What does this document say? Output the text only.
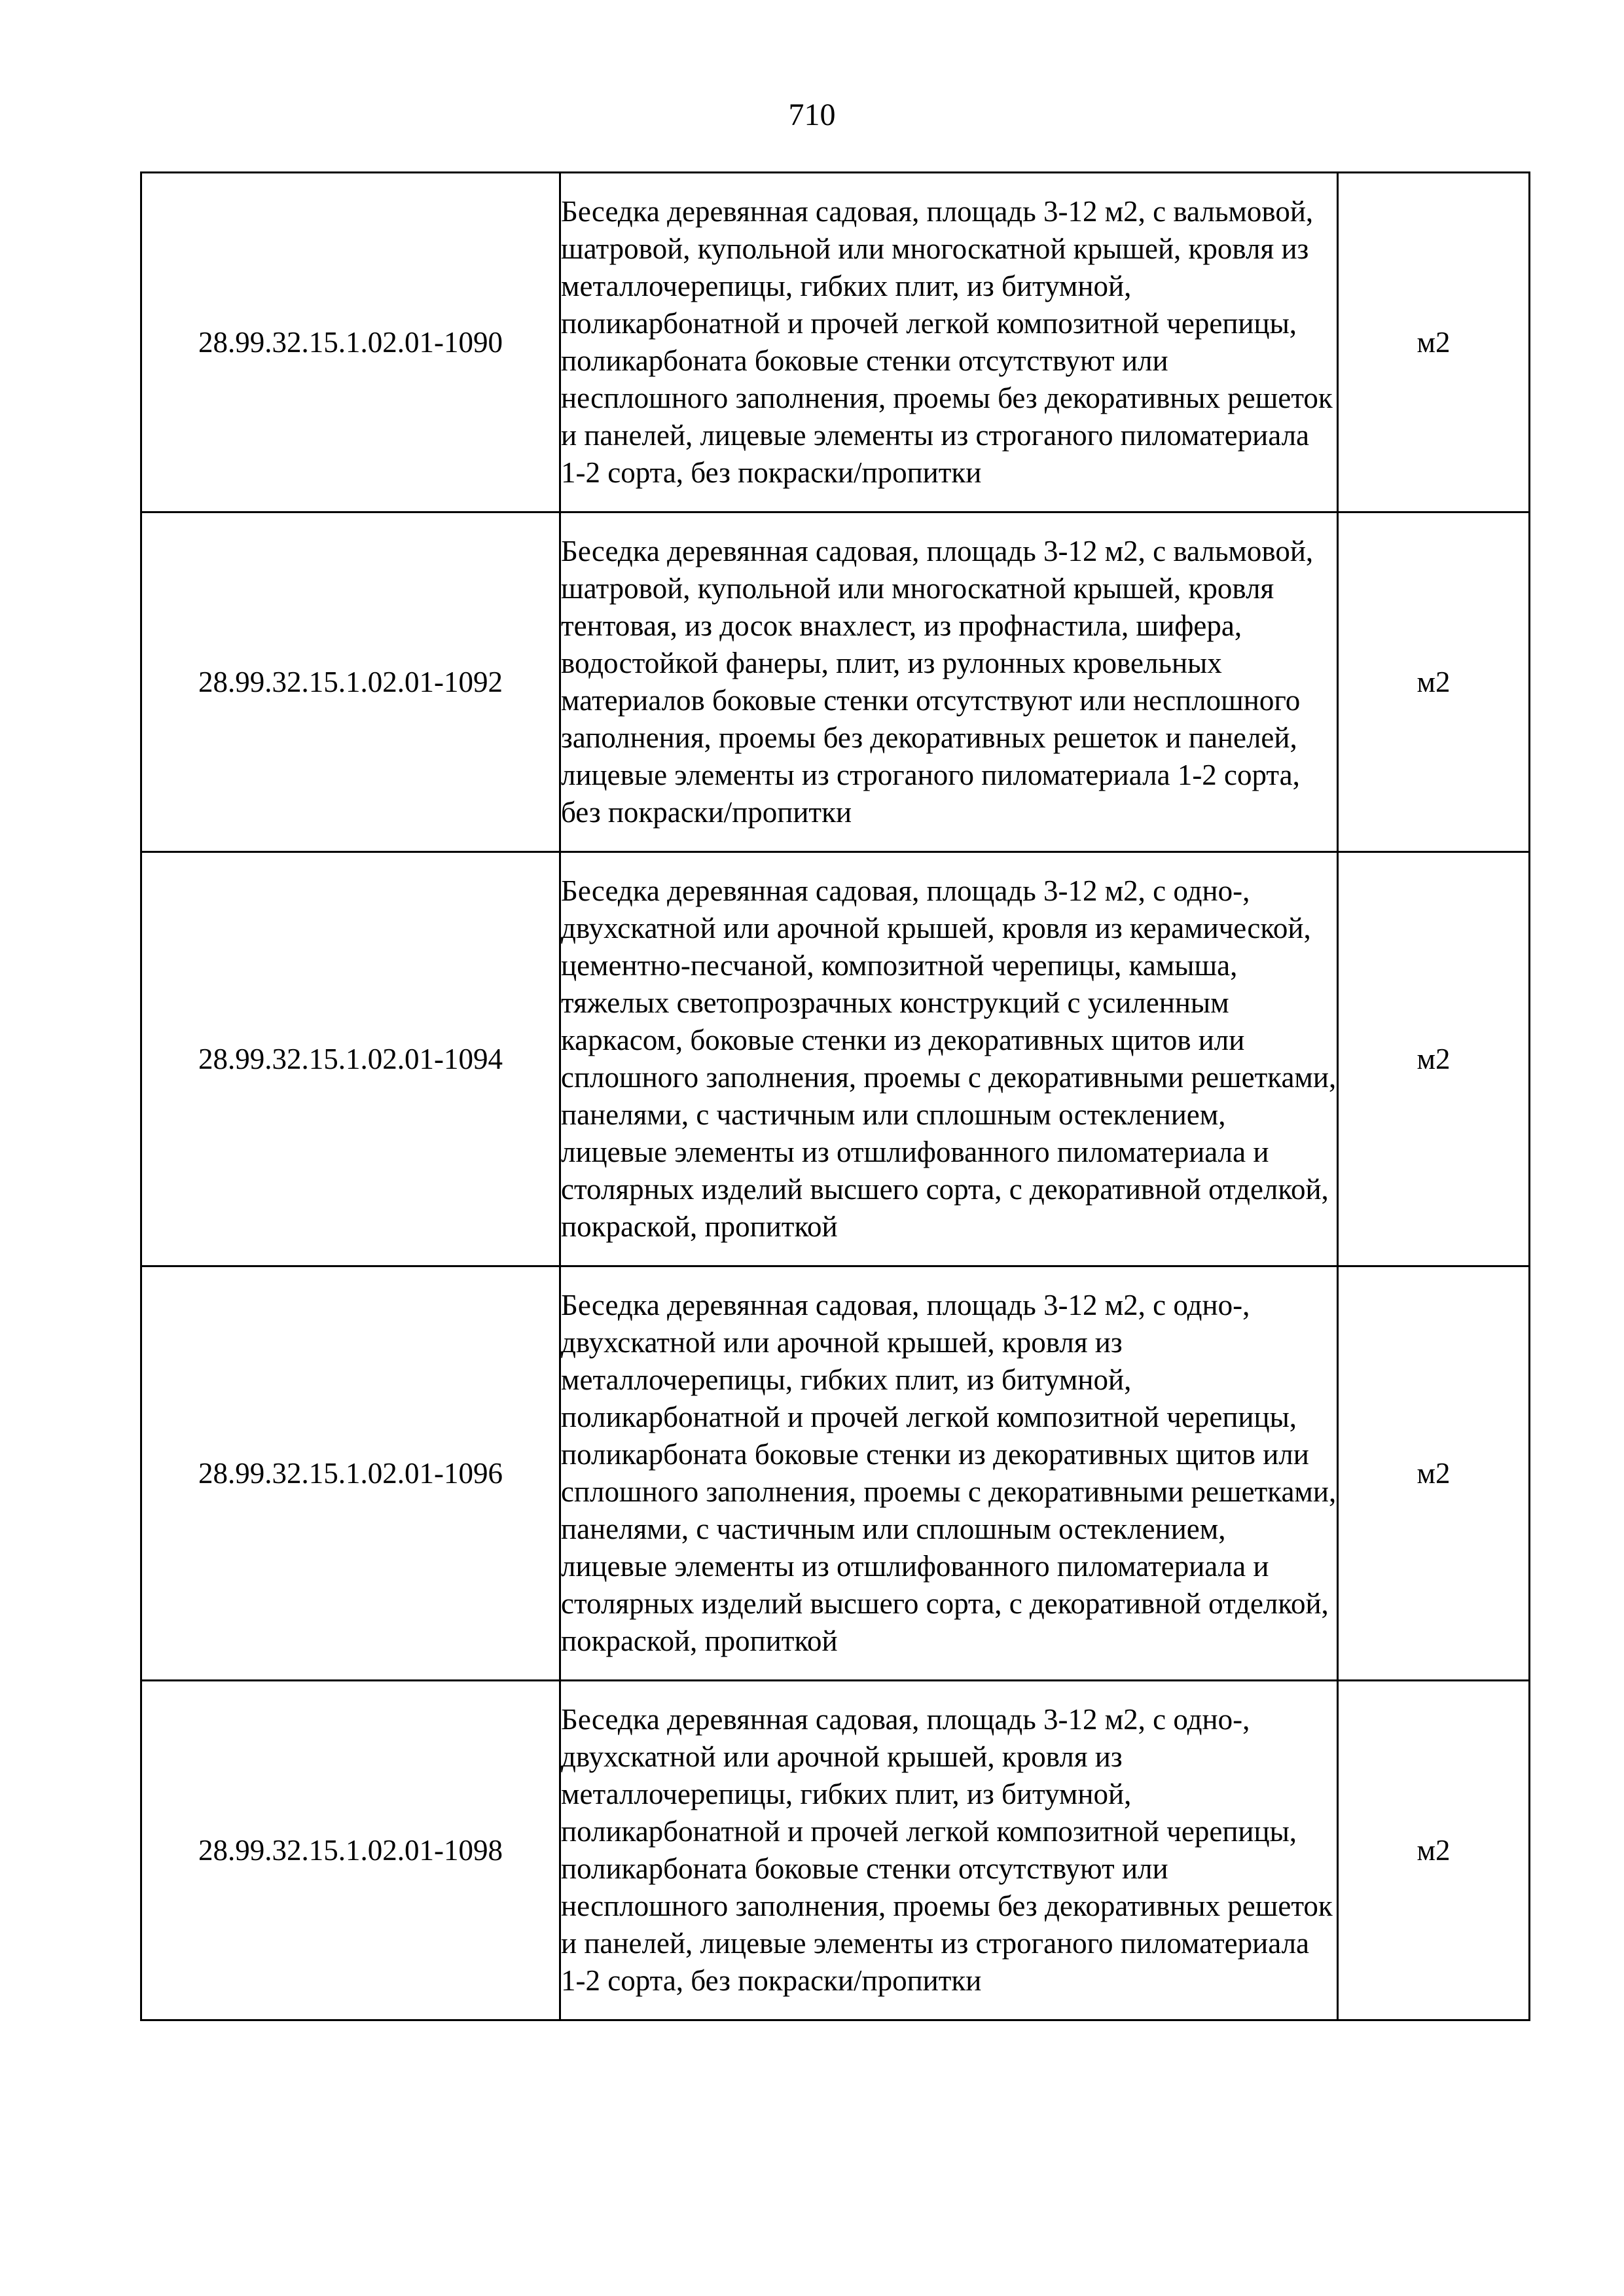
710
28.99.32.15.1.02.01-1090	Беседка деревянная садовая, площадь 3-12 м2, с вальмовой, шатровой, купольной или многоскатной крышей, кровля из металлочерепицы, гибких плит, из битумной, поликарбонатной и прочей легкой композитной черепицы, поликарбоната боковые стенки отсутствуют или несплошного заполнения, проемы без декоративных решеток и панелей, лицевые элементы из строганого пиломатериала 1-2 сорта, без покраски/пропитки	м2
28.99.32.15.1.02.01-1092	Беседка деревянная садовая, площадь 3-12 м2, с вальмовой, шатровой, купольной или многоскатной крышей, кровля тентовая, из досок внахлест, из профнастила, шифера, водостойкой фанеры, плит, из рулонных кровельных материалов боковые стенки отсутствуют или несплошного заполнения, проемы без декоративных решеток и панелей, лицевые элементы из строганого пиломатериала 1-2 сорта, без покраски/пропитки	м2
28.99.32.15.1.02.01-1094	Беседка деревянная садовая, площадь 3-12 м2, с одно-, двухскатной или арочной крышей, кровля из керамической, цементно-песчаной, композитной черепицы, камыша, тяжелых светопрозрачных конструкций с усиленным каркасом, боковые стенки из декоративных щитов или сплошного заполнения, проемы с декоративными решетками, панелями, с частичным или сплошным остеклением, лицевые элементы из отшлифованного пиломатериала и столярных изделий высшего сорта, с декоративной отделкой, покраской, пропиткой	м2
28.99.32.15.1.02.01-1096	Беседка деревянная садовая, площадь 3-12 м2, с одно-, двухскатной или арочной крышей, кровля из металлочерепицы, гибких плит, из битумной, поликарбонатной и прочей легкой композитной черепицы, поликарбоната боковые стенки из декоративных щитов или сплошного заполнения, проемы с декоративными решетками, панелями, с частичным или сплошным остеклением, лицевые элементы из отшлифованного пиломатериала и столярных изделий высшего сорта, с декоративной отделкой, покраской, пропиткой	м2
28.99.32.15.1.02.01-1098	Беседка деревянная садовая, площадь 3-12 м2, с одно-, двухскатной или арочной крышей, кровля из металлочерепицы, гибких плит, из битумной, поликарбонатной и прочей легкой композитной черепицы, поликарбоната боковые стенки отсутствуют или несплошного заполнения, проемы без декоративных решеток и панелей, лицевые элементы из строганого пиломатериала 1-2 сорта, без покраски/пропитки	м2
